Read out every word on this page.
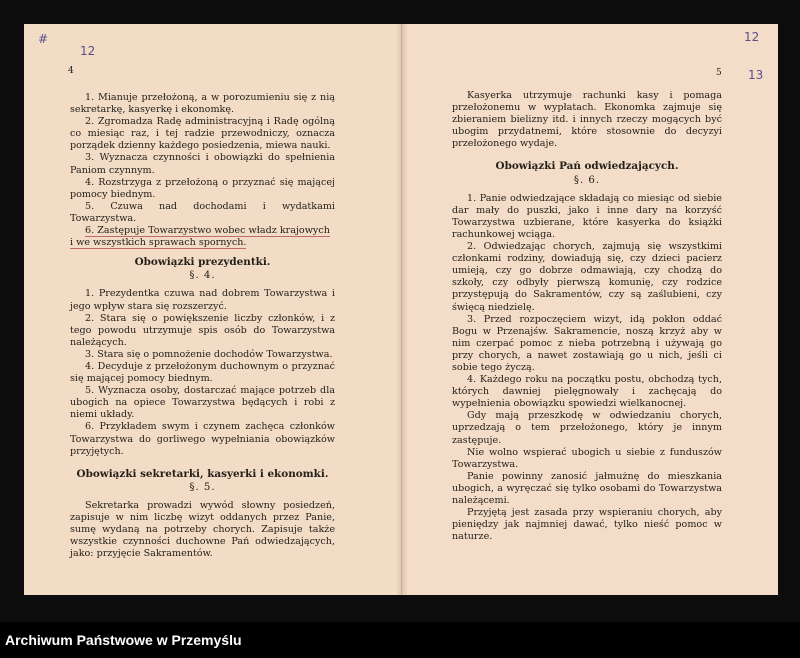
#
12
4
12
13
5

1. Mianuje przełożoną, a w porozumieniu się z nią sekretarkę, kasyerkę i ekonomkę.

2. Zgromadza Radę administracyjną i Radę ogólną co miesiąc raz, i tej radzie przewodniczy, oznacza porządek dzienny każdego posiedzenia, miewa nauki.

3. Wyznacza czynności i obowiązki do spełnienia Paniom czynnym.

4. Rozstrzyga z przełożoną o przyznać się mającej pomocy biednym.

5. Czuwa nad dochodami i wydatkami Towarzystwa.

6. Zastępuje Towarzystwo wobec władz krajowych

i we wszystkich sprawach spornych.

Obowiązki prezydentki.
§. 4.

1. Prezydentka czuwa nad dobrem Towarzystwa i jego wpływ stara się rozszerzyć.

2. Stara się o powiększenie liczby członków, i z tego powodu utrzymuje spis osób do Towarzystwa należących.

3. Stara się o pomnożenie dochodów Towarzystwa.

4. Decyduje z przełożonym duchownym o przyznać się mającej pomocy biednym.

5. Wyznacza osoby, dostarczać mające potrzeb dla ubogich na opiece Towarzystwa będących i robi z niemi układy.

6. Przykładem swym i czynem zachęca członków Towarzystwa do gorliwego wypełniania obowiązków przyjętych.

Obowiązki sekretarki, kasyerki i ekonomki.
§. 5.

Sekretarka prowadzi wywód słowny posiedzeń, zapisuje w nim liczbę wizyt oddanych przez Panie, sumę wydaną na potrzeby chorych. Zapisuje także wszystkie czynności duchowne Pań odwiedzających, jako: przyjęcie Sakramentów.

Kasyerka utrzymuje rachunki kasy i pomaga przełożonemu w wypłatach. Ekonomka zajmuje się zbieraniem bielizny itd. i innych rzeczy mogących być ubogim przydatnemi, które stosownie do decyzyi przełożonego wydaje.

Obowiązki Pań odwiedzających.
§. 6.

1. Panie odwiedzające składają co miesiąc od siebie dar mały do puszki, jako i inne dary na korzyść Towarzystwa uzbierane, które kasyerka do książki rachunkowej wciąga.

2. Odwiedzając chorych, zajmują się wszystkimi członkami rodziny, dowiadują się, czy dzieci pacierz umieją, czy go dobrze odmawiają, czy chodzą do szkoły, czy odbyły pierwszą komunię, czy rodzice przystępują do Sakramentów, czy są zaślubieni, czy święcą niedzielę.

3. Przed rozpoczęciem wizyt, idą pokłon oddać Bogu w Przenajśw. Sakramencie, noszą krzyż aby w nim czerpać pomoc z nieba potrzebną i używają go przy chorych, a nawet zostawiają go u nich, jeśli ci sobie tego życzą.

4. Każdego roku na początku postu, obchodzą tych, których dawniej pielęgnowały i zachęcają do wypełnienia obowiązku spowiedzi wielkanocnej.

Gdy mają przeszkodę w odwiedzaniu chorych, uprzedzają o tem przełożonego, który je innym zastępuje.

Nie wolno wspierać ubogich u siebie z funduszów Towarzystwa.

Panie powinny zanosić jałmużnę do mieszkania ubogich, a wyręczać się tylko osobami do Towarzystwa należącemi.

Przyjętą jest zasada przy wspieraniu chorych, aby pieniędzy jak najmniej dawać, tylko nieść pomoc w naturze.

Archiwum Państwowe w Przemyślu
